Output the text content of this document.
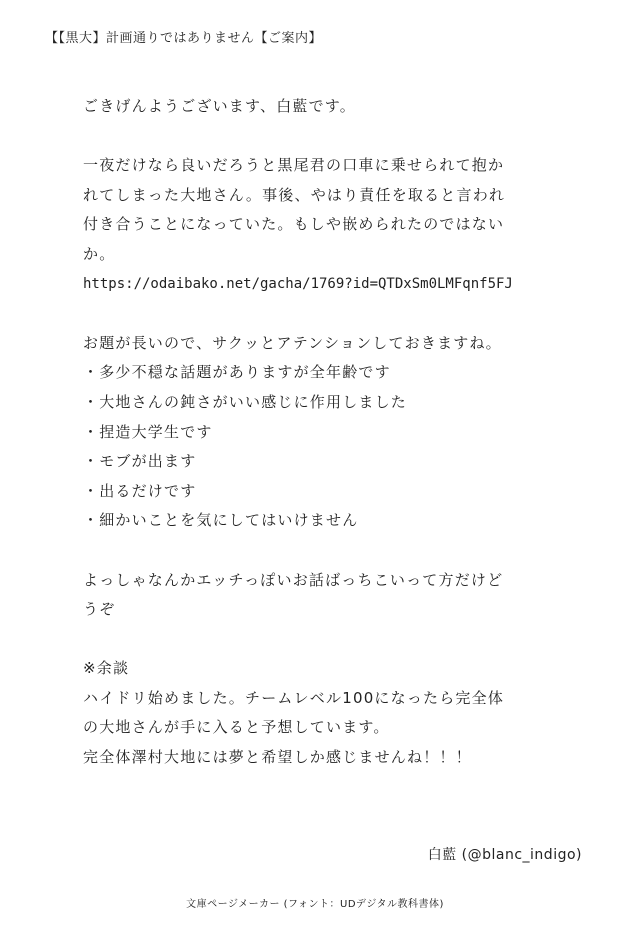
【【黒大】計画通りではありません【ご案内】
ごきげんようございます、白藍です。
一夜だけなら良いだろうと黒尾君の口車に乗せられて抱か
れてしまった大地さん。事後、やはり責任を取ると言われ
付き合うことになっていた。もしや嵌められたのではない
か。
https://odaibako.net/gacha/1769?id=QTDxSm0LMFqnf5FJ
お題が長いので、サクッとアテンションしておきますね。
・多少不穏な話題がありますが全年齢です
・大地さんの鈍さがいい感じに作用しました
・捏造大学生です
・モブが出ます
・出るだけです
・細かいことを気にしてはいけません
よっしゃなんかエッチっぽいお話ばっちこいって方だけど
うぞ
※余談
ハイドリ始めました。チームレベル100になったら完全体
の大地さんが手に入ると予想しています。
完全体澤村大地には夢と希望しか感じませんね！！！
白藍 (@blanc_indigo)
文庫ページメーカー (フォント：UDデジタル教科書体)
